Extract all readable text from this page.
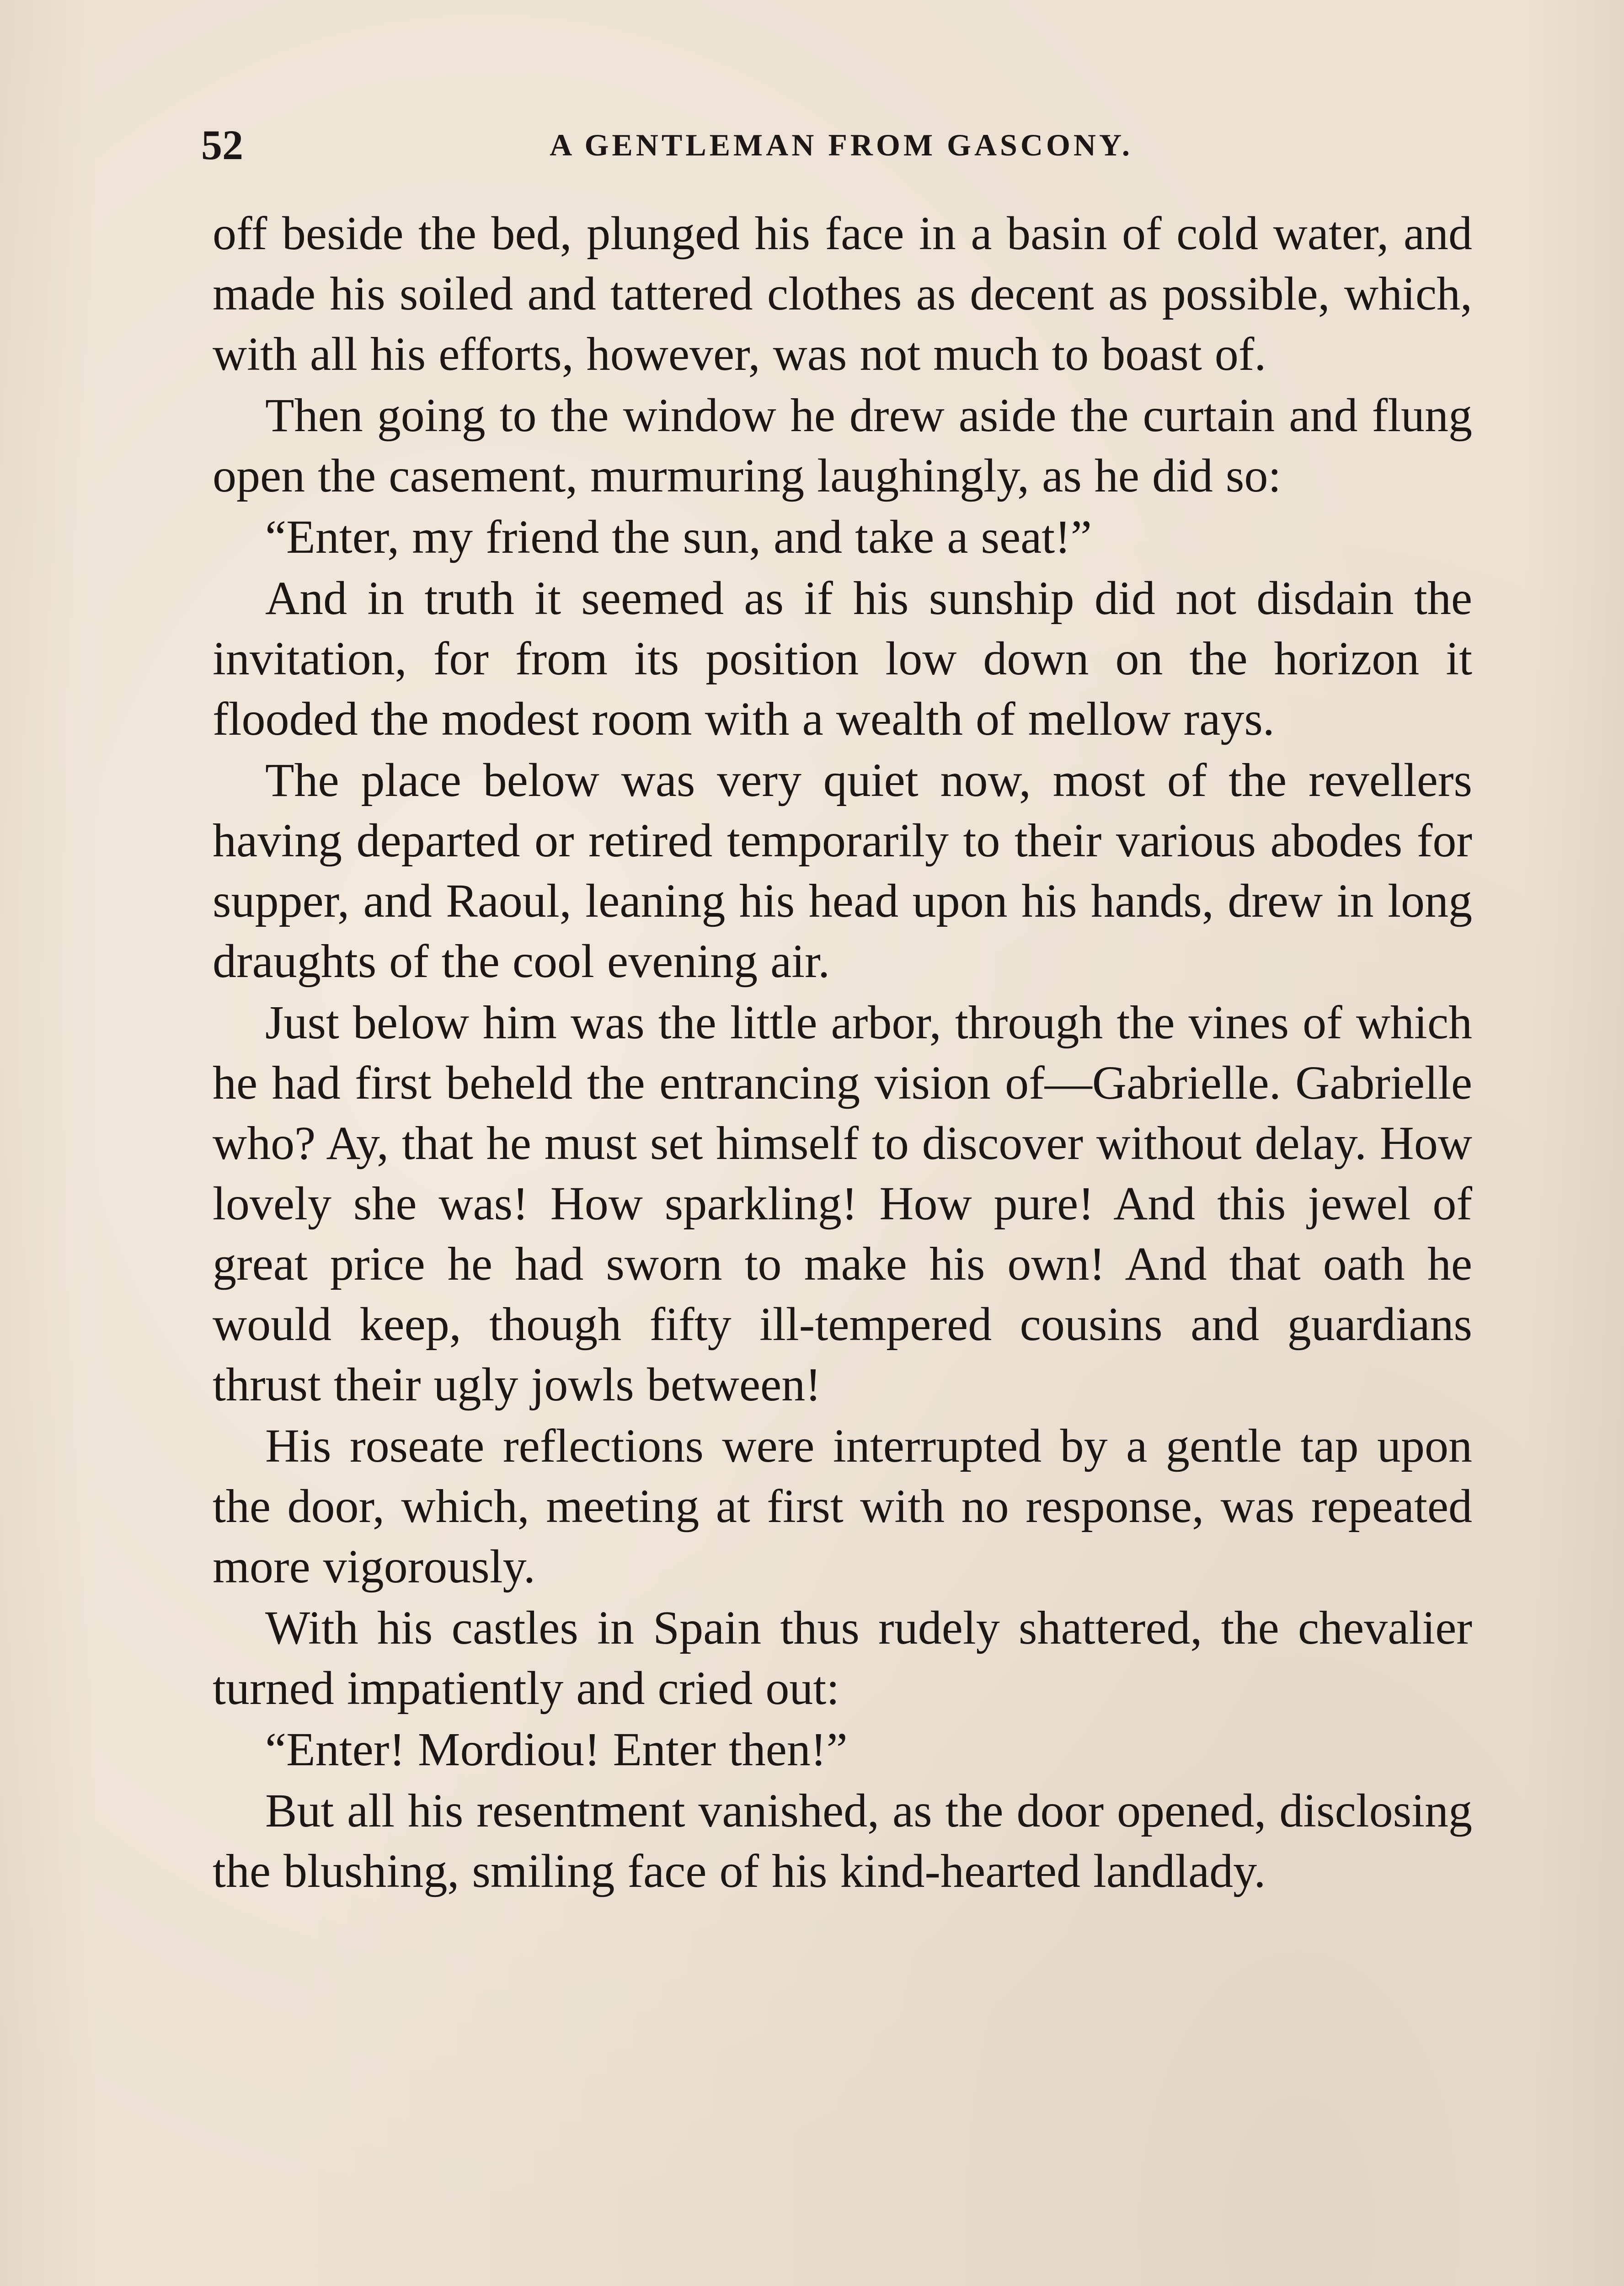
52	A GENTLEMAN FROM GASCONY.

off beside the bed, plunged his face in a basin of cold water, and made his soiled and tattered clothes as decent as possible, which, with all his efforts, however, was not much to boast of.

Then going to the window he drew aside the curtain and flung open the casement, murmuring laughingly, as he did so:

“Enter, my friend the sun, and take a seat!”

And in truth it seemed as if his sunship did not disdain the invitation, for from its position low down on the horizon it flooded the modest room with a wealth of mellow rays.

The place below was very quiet now, most of the revellers having departed or retired temporarily to their various abodes for supper, and Raoul, leaning his head upon his hands, drew in long draughts of the cool evening air.

Just below him was the little arbor, through the vines of which he had first beheld the entrancing vision of—Gabrielle. Gabrielle who? Ay, that he must set himself to discover without delay. How lovely she was! How sparkling! How pure! And this jewel of great price he had sworn to make his own! And that oath he would keep, though fifty ill-tempered cousins and guardians thrust their ugly jowls between!

His roseate reflections were interrupted by a gentle tap upon the door, which, meeting at first with no response, was repeated more vigorously.

With his castles in Spain thus rudely shattered, the chevalier turned impatiently and cried out:

“Enter! Mordiou! Enter then!”

But all his resentment vanished, as the door opened, disclosing the blushing, smiling face of his kind-hearted landlady.
